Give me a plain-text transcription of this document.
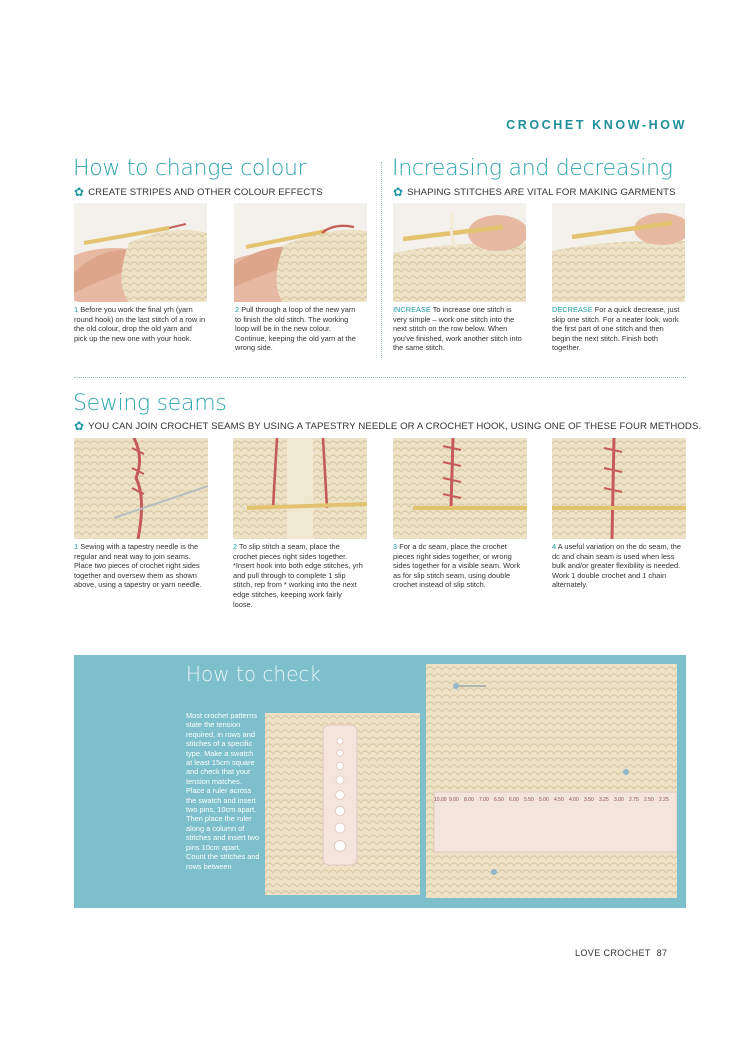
CROCHET KNOW-HOW
How to change colour
✿ CREATE STRIPES AND OTHER COLOUR EFFECTS
Increasing and decreasing
✿ SHAPING STITCHES ARE VITAL FOR MAKING GARMENTS
1 Before you work the final yrh (yarn round hook) on the last stitch of a row in the old colour, drop the old yarn and pick up the new one with your hook.
2 Pull through a loop of the new yarn to finish the old stitch. The working loop will be in the new colour. Continue, keeping the old yarn at the wrong side.
INCREASE To increase one stitch is very simple – work one stitch into the next stitch on the row below. When you've finished, work another stitch into the same stitch.
DECREASE For a quick decrease, just skip one stitch. For a neater look, work the first part of one stitch and then begin the next stitch. Finish both together.
Sewing seams
✿ YOU CAN JOIN CROCHET SEAMS BY USING A TAPESTRY NEEDLE OR A CROCHET HOOK, USING ONE OF THESE FOUR METHODS.
1 Sewing with a tapestry needle is the regular and neat way to join seams. Place two pieces of crochet right sides together and oversew them as shown above, using a tapestry or yarn needle.
2 To slip stitch a seam, place the crochet pieces right sides together. *Insert hook into both edge stitches, yrh and pull through to complete 1 slip stitch, rep from * working into the next edge stitches, keeping work fairly loose.
3 For a dc seam, place the crochet pieces right sides together, or wrong sides together for a visible seam. Work as for slip stitch seam, using double crochet instead of slip stitch.
4 A useful variation on the dc seam, the dc and chain seam is used when less bulk and/or greater flexibility is needed. Work 1 double crochet and 1 chain alternately.
How to check
Most crochet patterns state the tension required, in rows and stitches of a specific type. Make a swatch at least 15cm square and check that your tension matches. Place a ruler across the swatch and insert two pins, 10cm apart. Then place the ruler along a column of stitches and insert two pins 10cm apart. Count the stitches and rows between
10.00 9.00 8.00 7.00 6.50 6.00 5.50 5.00 4.50 4.00 3.50 3.25 3.00 2.75 2.50 2.25
LOVE CROCHET 87
